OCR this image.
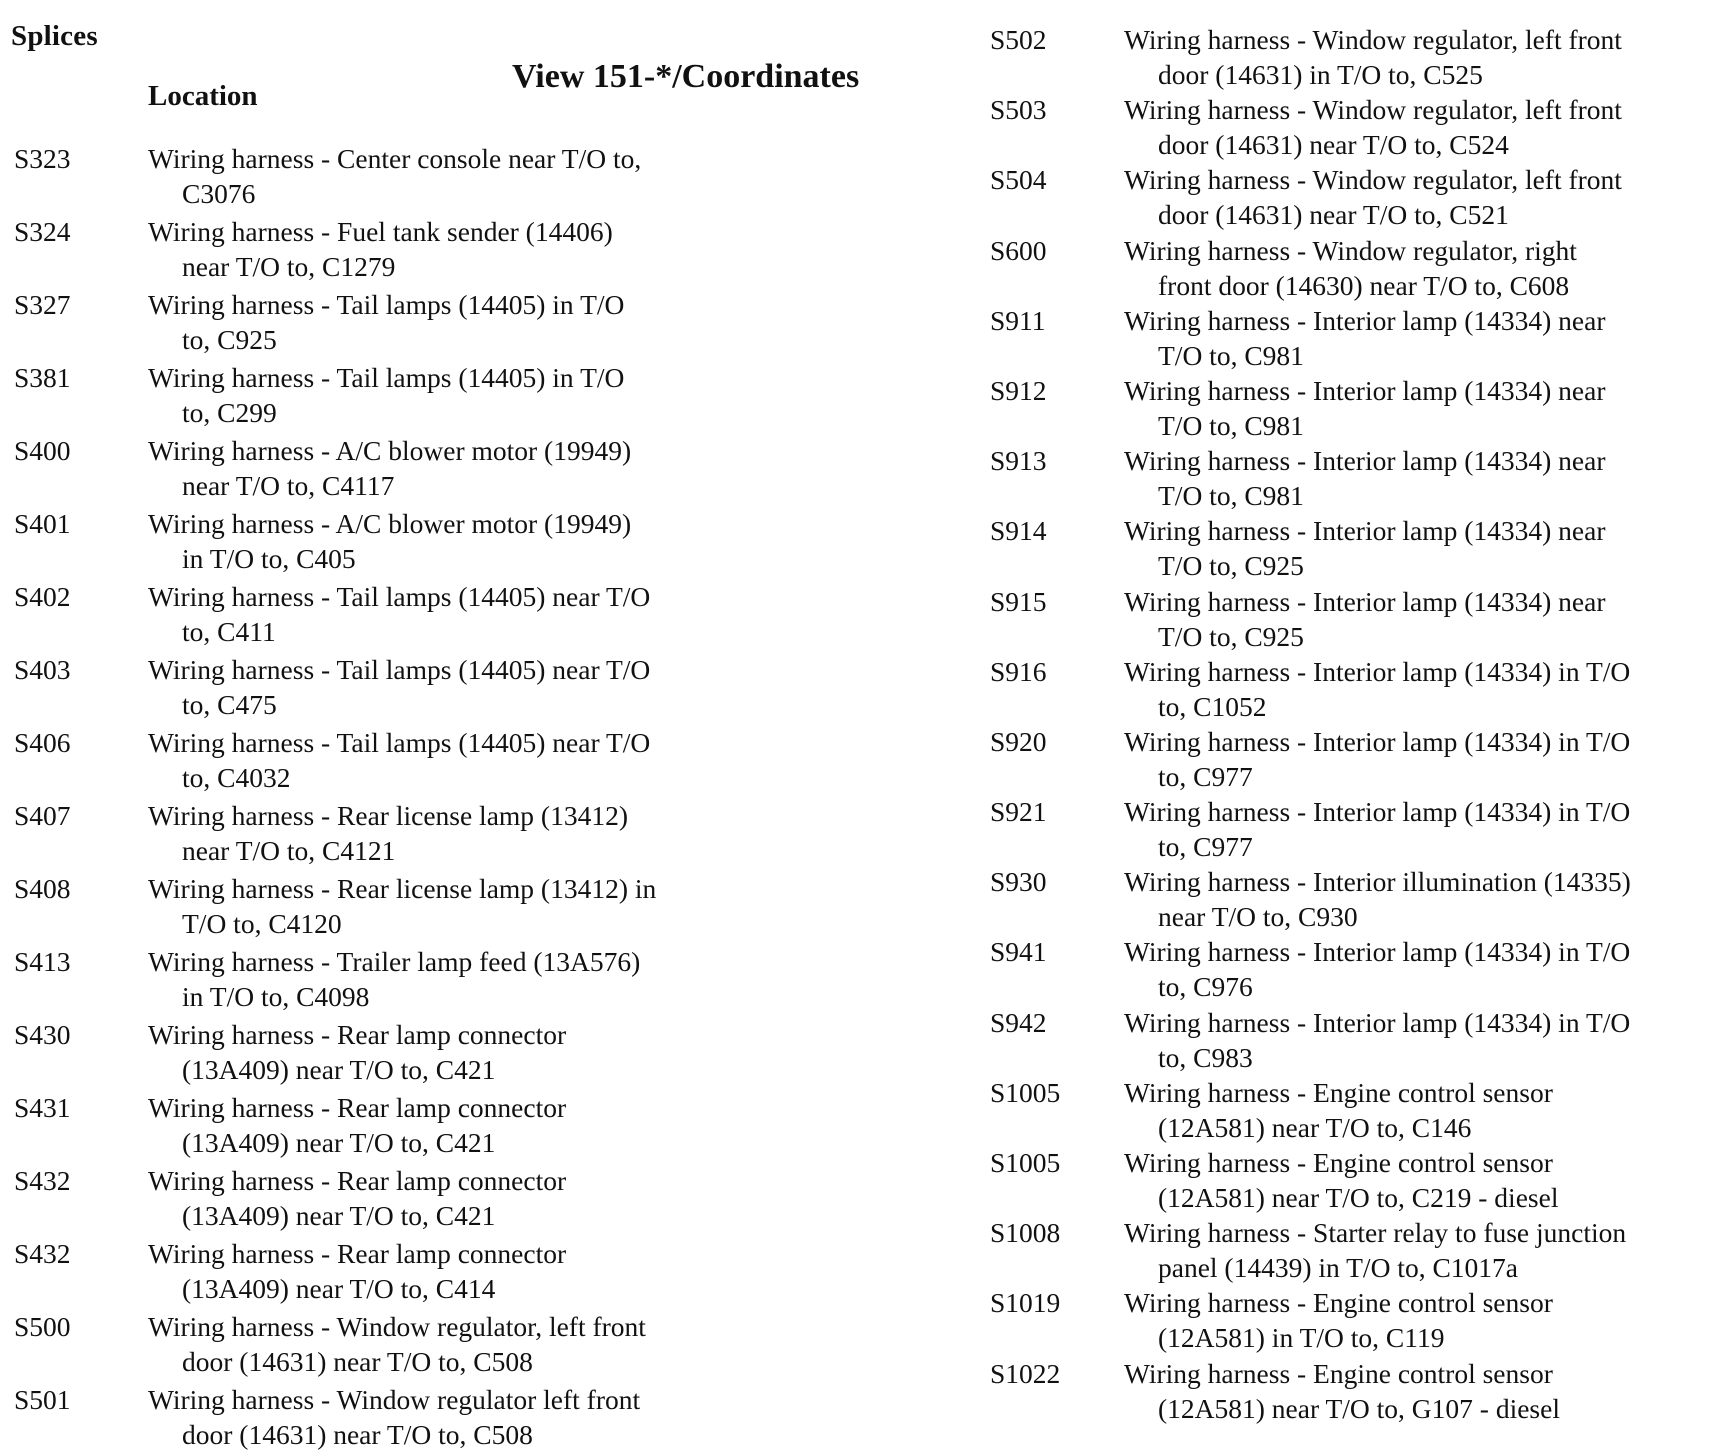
Splices
Location
View 151-*/Coordinates
S323	Wiring harness - Center console near T/O to,
C3076
S324	Wiring harness - Fuel tank sender (14406)
near T/O to, C1279
S327	Wiring harness - Tail lamps (14405) in T/O
to, C925
S381	Wiring harness - Tail lamps (14405) in T/O
to, C299
S400	Wiring harness - A/C blower motor (19949)
near T/O to, C4117
S401	Wiring harness - A/C blower motor (19949)
in T/O to, C405
S402	Wiring harness - Tail lamps (14405) near T/O
to, C411
S403	Wiring harness - Tail lamps (14405) near T/O
to, C475
S406	Wiring harness - Tail lamps (14405) near T/O
to, C4032
S407	Wiring harness - Rear license lamp (13412)
near T/O to, C4121
S408	Wiring harness - Rear license lamp (13412) in
T/O to, C4120
S413	Wiring harness - Trailer lamp feed (13A576)
in T/O to, C4098
S430	Wiring harness - Rear lamp connector
(13A409) near T/O to, C421
S431	Wiring harness - Rear lamp connector
(13A409) near T/O to, C421
S432	Wiring harness - Rear lamp connector
(13A409) near T/O to, C421
S432	Wiring harness - Rear lamp connector
(13A409) near T/O to, C414
S500	Wiring harness - Window regulator, left front
door (14631) near T/O to, C508
S501	Wiring harness - Window regulator left front
door (14631) near T/O to, C508
S502	Wiring harness - Window regulator, left front
door (14631) in T/O to, C525
S503	Wiring harness - Window regulator, left front
door (14631) near T/O to, C524
S504	Wiring harness - Window regulator, left front
door (14631) near T/O to, C521
S600	Wiring harness - Window regulator, right
front door (14630) near T/O to, C608
S911	Wiring harness - Interior lamp (14334) near
T/O to, C981
S912	Wiring harness - Interior lamp (14334) near
T/O to, C981
S913	Wiring harness - Interior lamp (14334) near
T/O to, C981
S914	Wiring harness - Interior lamp (14334) near
T/O to, C925
S915	Wiring harness - Interior lamp (14334) near
T/O to, C925
S916	Wiring harness - Interior lamp (14334) in T/O
to, C1052
S920	Wiring harness - Interior lamp (14334) in T/O
to, C977
S921	Wiring harness - Interior lamp (14334) in T/O
to, C977
S930	Wiring harness - Interior illumination (14335)
near T/O to, C930
S941	Wiring harness - Interior lamp (14334) in T/O
to, C976
S942	Wiring harness - Interior lamp (14334) in T/O
to, C983
S1005 Wiring harness - Engine control sensor
(12A581) near T/O to, C146
S1005 Wiring harness - Engine control sensor
(12A581) near T/O to, C219 - diesel
S1008 Wiring harness - Starter relay to fuse junction
panel (14439) in T/O to, C1017a
S1019 Wiring harness - Engine control sensor
(12A581) in T/O to, C119
S1022 Wiring harness - Engine control sensor
(12A581) near T/O to, G107 - diesel
